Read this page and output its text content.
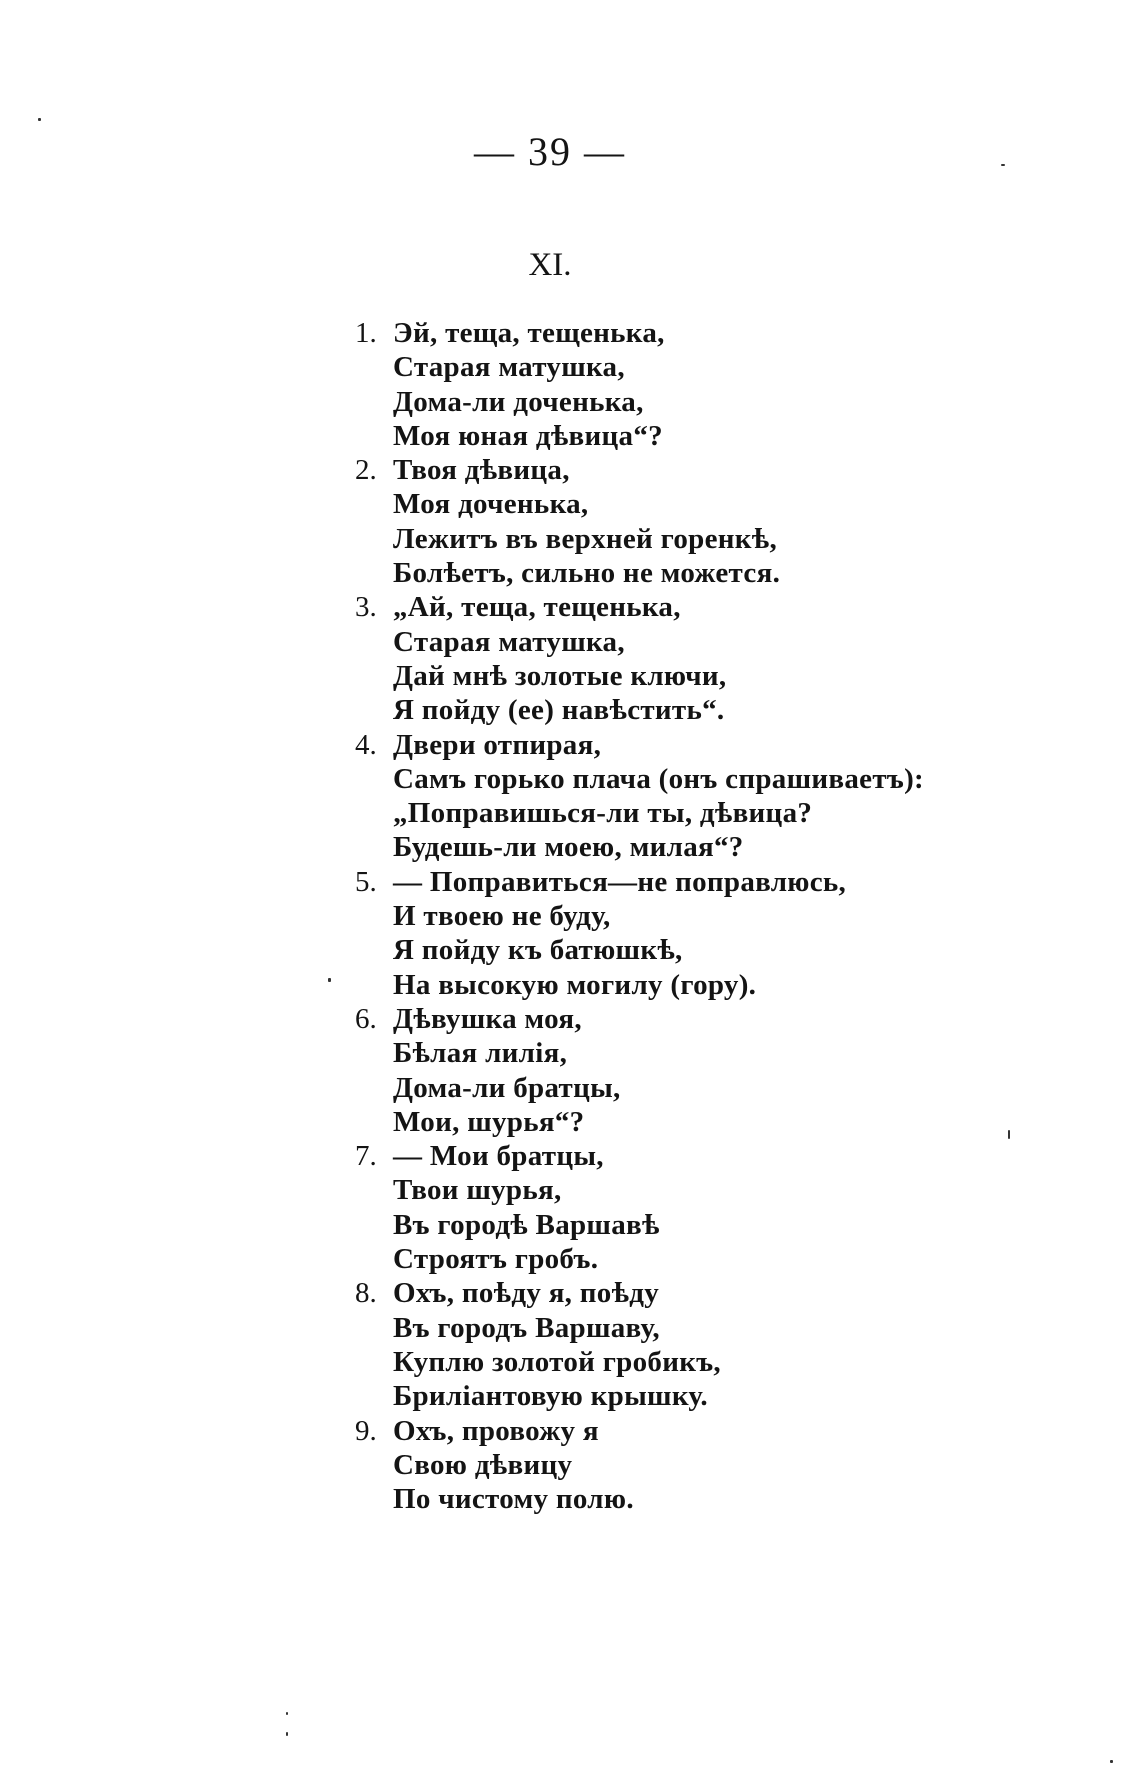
— 39 —
XI.
1. Эй, теща, тещенька,
Старая матушка,
Дома-ли доченька,
Моя юная дѣвица“?
2. Твоя дѣвица,
Моя доченька,
Лежитъ въ верхней горенкѣ,
Болѣетъ, сильно не можется.
3. „Ай, теща, тещенька,
Старая матушка,
Дай мнѣ золотые ключи,
Я пойду (ее) навѣстить“.
4. Двери отпирая,
Самъ горько плача (онъ спрашиваетъ):
„Поправишься-ли ты, дѣвица?
Будешь-ли моею, милая“?
5. — Поправиться—не поправлюсь,
И твоею не буду,
Я пойду къ батюшкѣ,
На высокую могилу (гору).
6. Дѣвушка моя,
Бѣлая лилія,
Дома-ли братцы,
Мои, шурья“?
7. — Мои братцы,
Твои шурья,
Въ городѣ Варшавѣ
Строятъ гробъ.
8. Охъ, поѣду я, поѣду
Въ городъ Варшаву,
Куплю золотой гробикъ,
Бриліантовую крышку.
9. Охъ, провожу я
Свою дѣвицу
По чистому полю.
